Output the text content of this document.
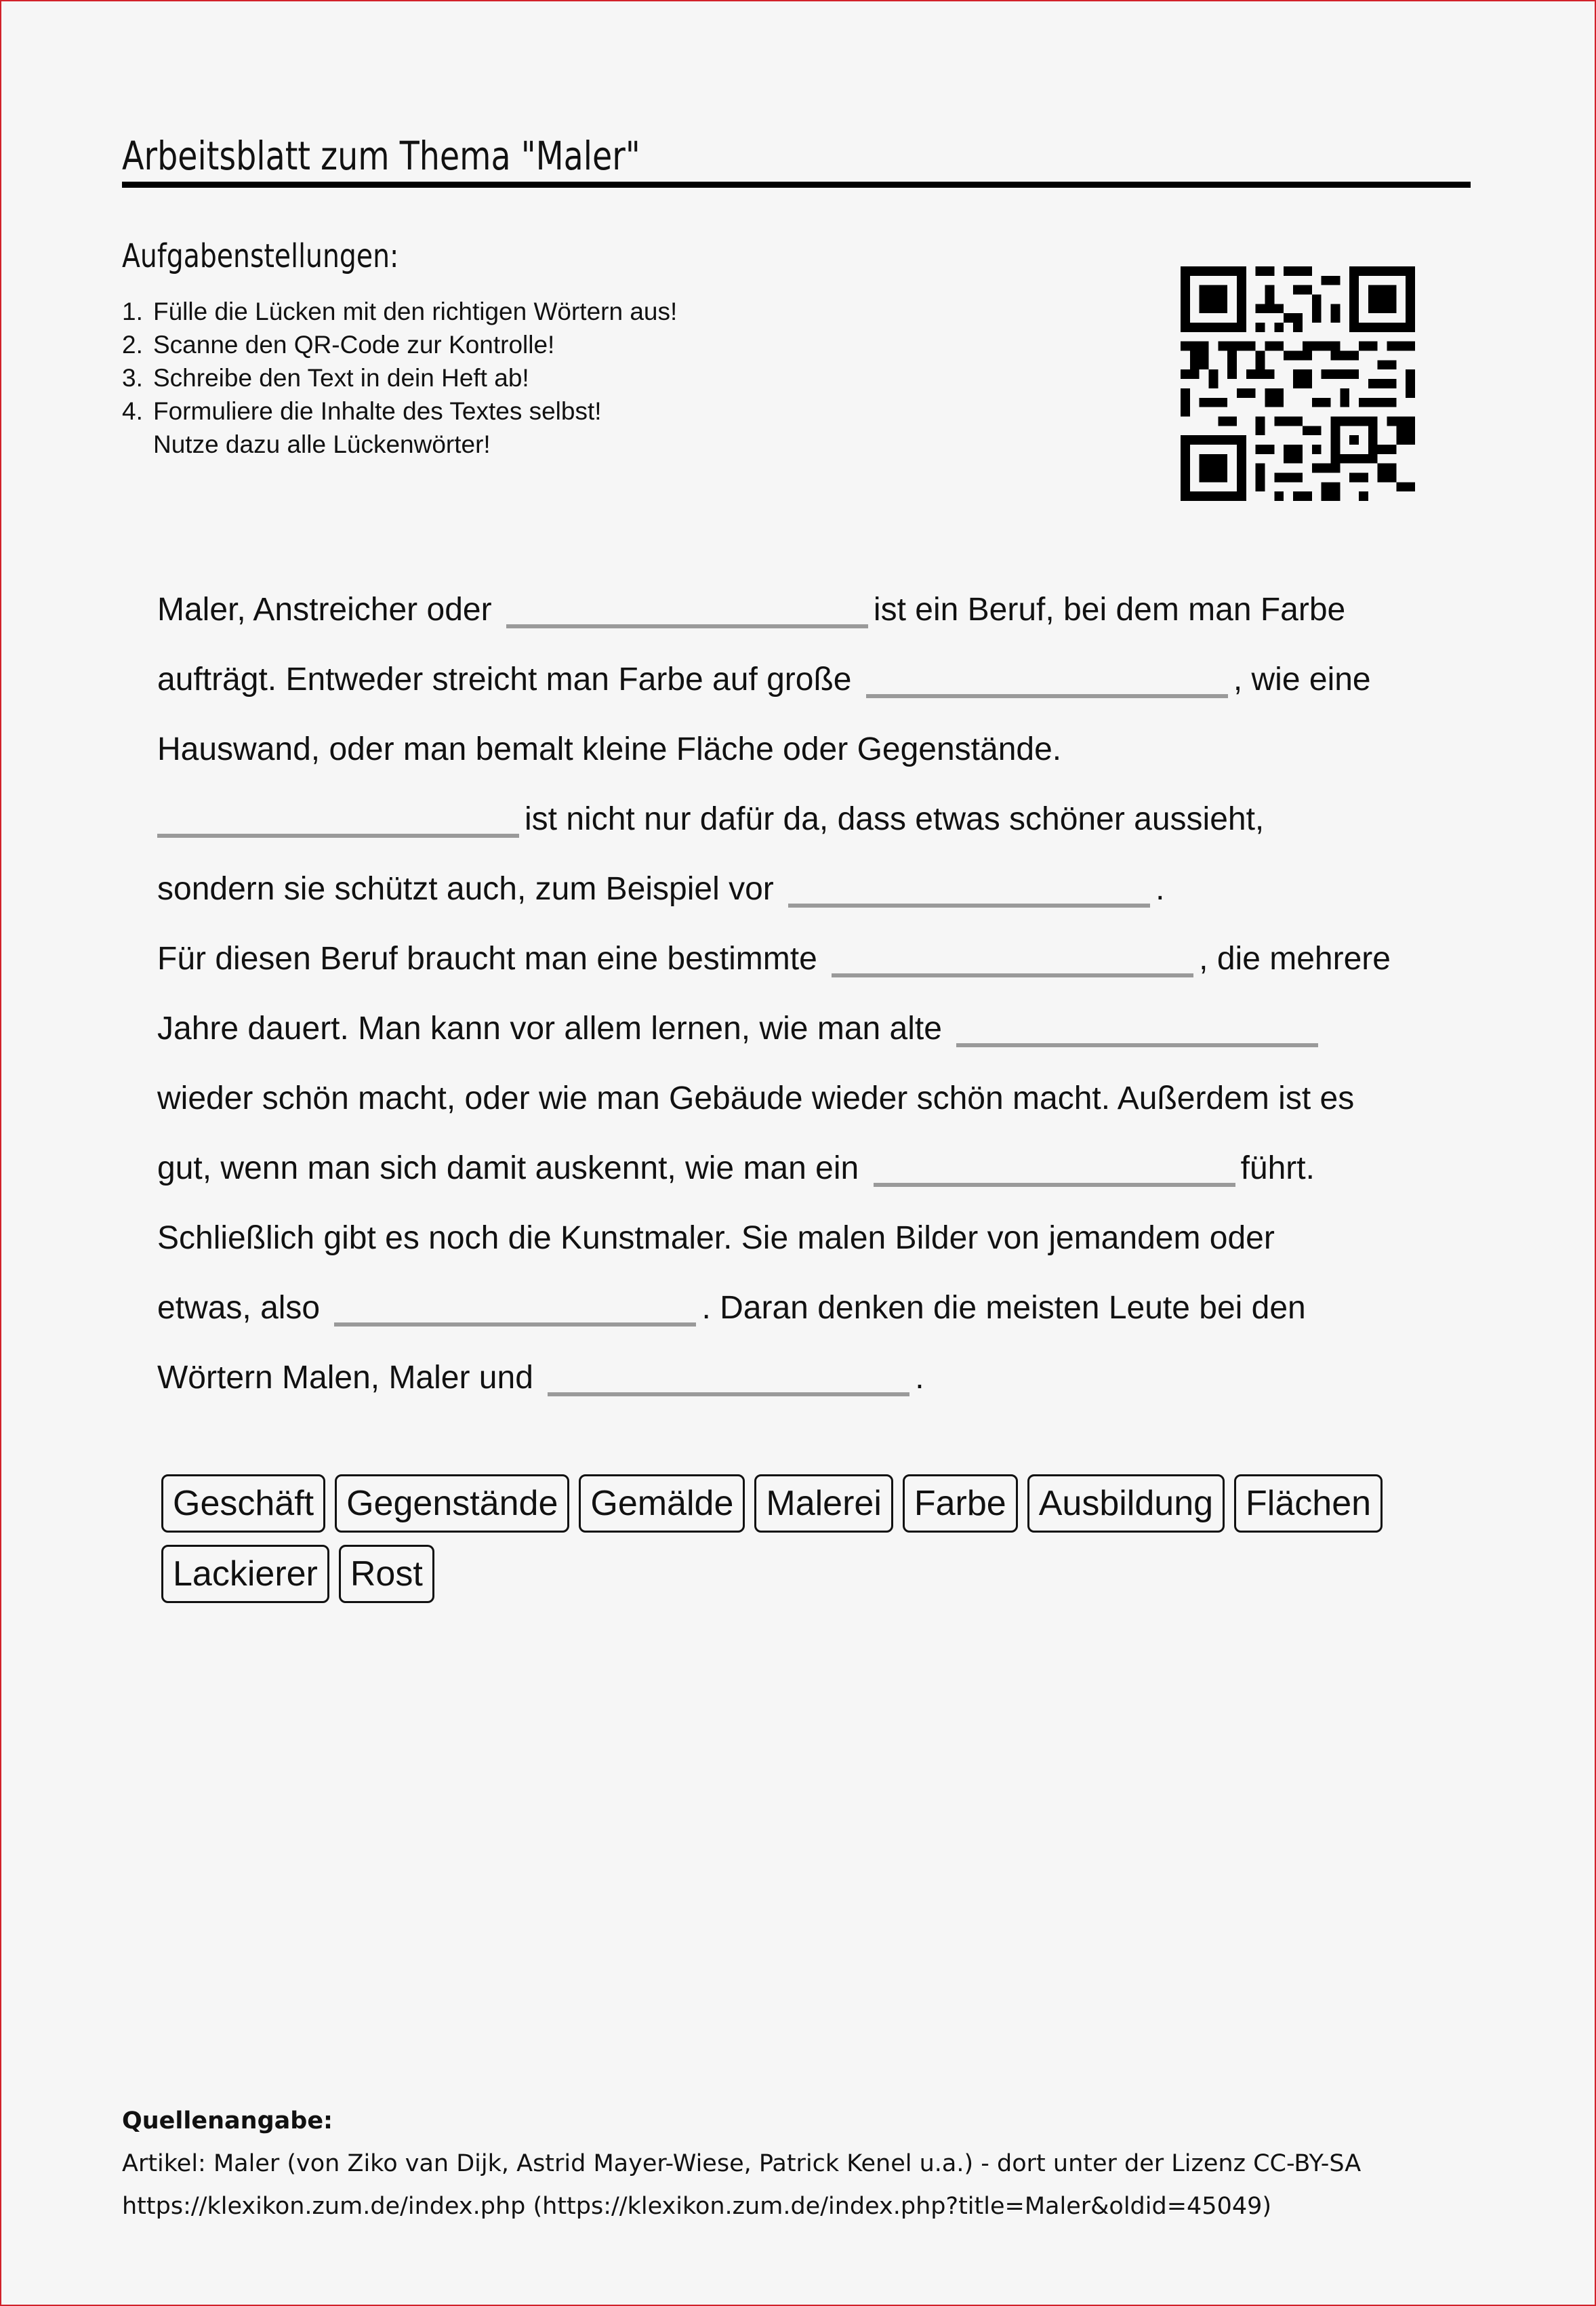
Arbeitsblatt zum Thema "Maler"
Aufgabenstellungen:
1. Fülle die Lücken mit den richtigen Wörtern aus!
2. Scanne den QR-Code zur Kontrolle!
3. Schreibe den Text in dein Heft ab!
4. Formuliere die Inhalte des Textes selbst!
Nutze dazu alle Lückenwörter!
Maler, Anstreicher oder	ist ein Beruf, bei dem man Farbe
aufträgt. Entweder streicht man Farbe auf große	, wie eine
Hauswand, oder man bemalt kleine Fläche oder Gegenstände.
ist nicht nur dafür da, dass etwas schöner aussieht,
sondern sie schützt auch, zum Beispiel vor	.
Für diesen Beruf braucht man eine bestimmte	, die mehrere
Jahre dauert. Man kann vor allem lernen, wie man alte
wieder schön macht, oder wie man Gebäude wieder schön macht. Außerdem ist es
gut, wenn man sich damit auskennt, wie man ein	führt.
Schließlich gibt es noch die Kunstmaler. Sie malen Bilder von jemandem oder
etwas, also	. Daran denken die meisten Leute bei den
Wörtern Malen, Maler und	.
Geschäft Gegenstände Gemälde Malerei Farbe Ausbildung Flächen
Lackierer Rost
Quellenangabe:
Artikel: Maler (von Ziko van Dijk, Astrid Mayer-Wiese, Patrick Kenel u.a.) - dort unter der Lizenz CC-BY-SA
https://klexikon.zum.de/index.php (https://klexikon.zum.de/index.php?title=Maler&oldid=45049)
